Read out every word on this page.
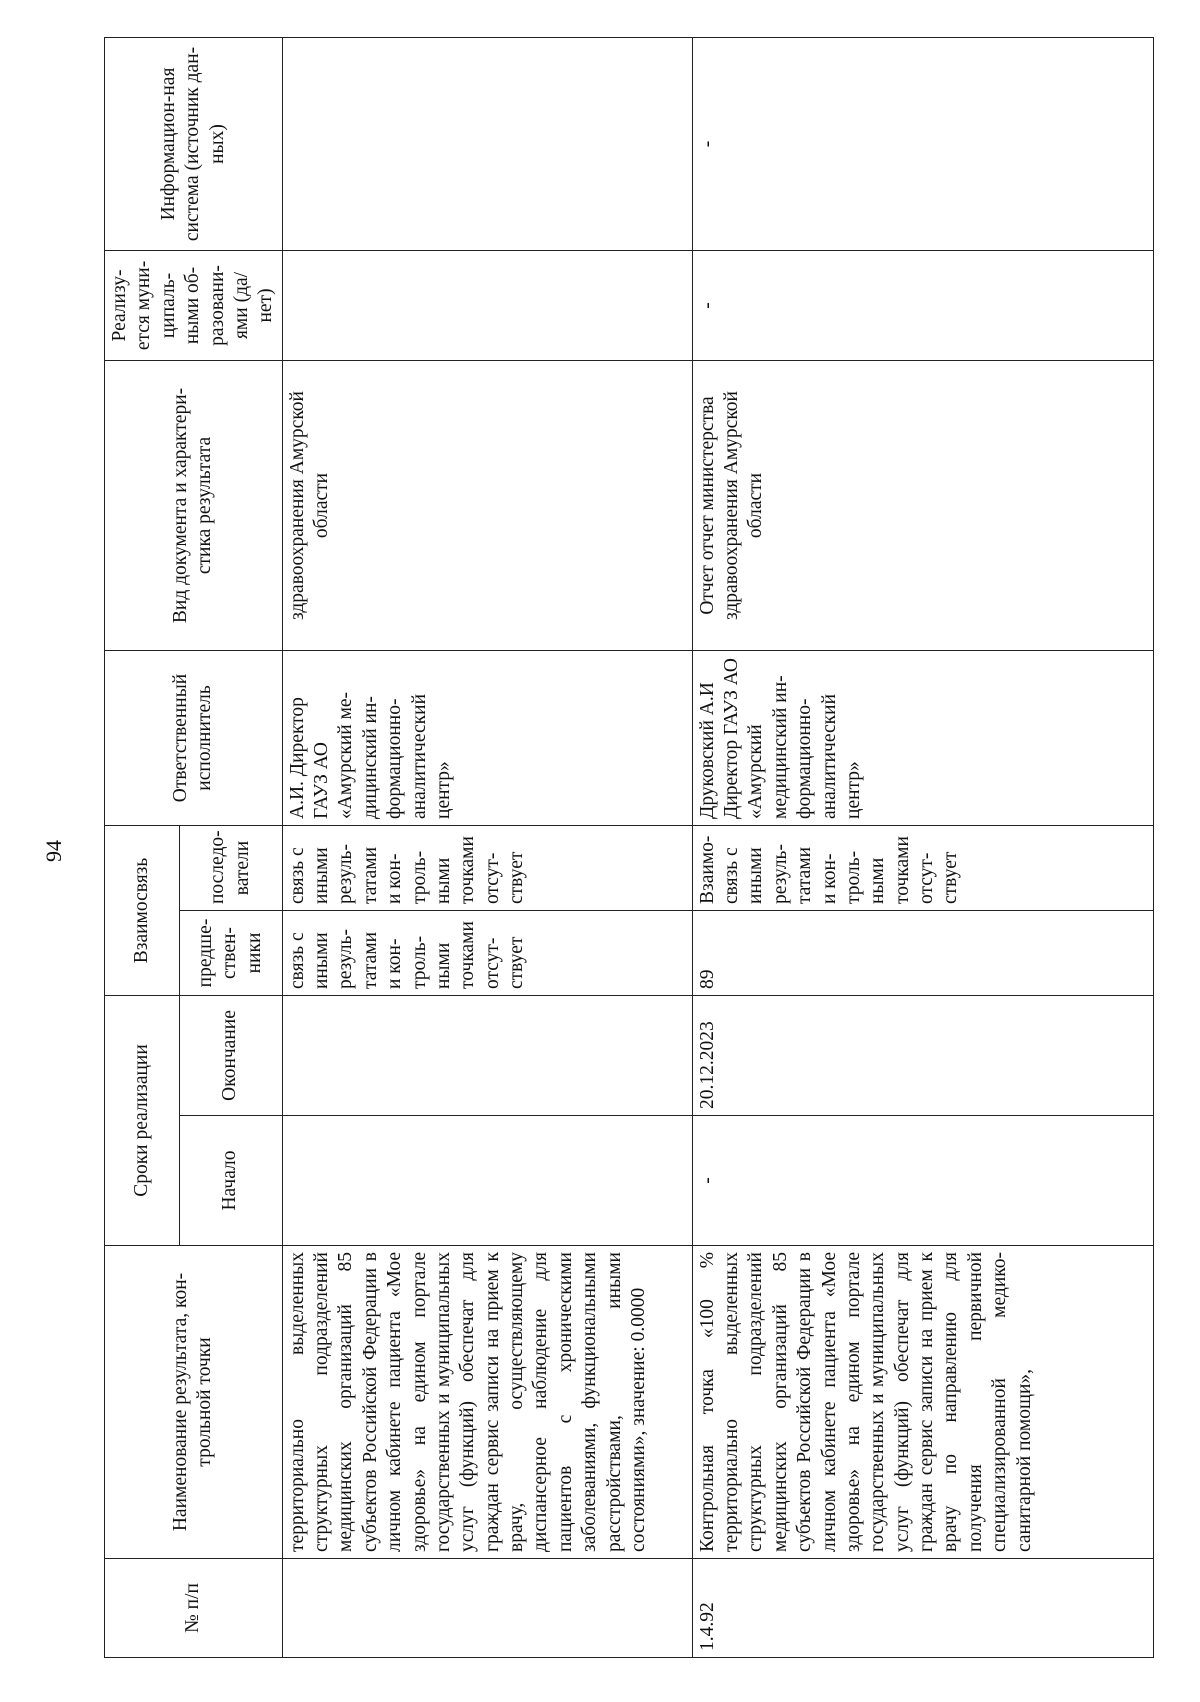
94
№ п/п	Наименование результата, кон-трольной точки	Сроки реализации		Взаимосвязь		Ответственный исполнитель	Вид документа и характери-стика результата	Реализу-ется муни-ципаль-ными об-разовани-ями (да/нет)	Информацион-ная система (источник дан-ных)
		Начало	Окончание	предше-ствен-ники	последо-ватели				
	территориально выделенных структурных подразделений медицинских организаций 85 субъектов Российской Федерации в личном кабинете пациента «Мое здоровье» на едином портале государственных и муниципальных услуг (функций) обеспечат для граждан сервис записи на прием к врачу, осуществляющему диспансерное наблюдение для пациентов с хроническими заболеваниями, функциональными расстройствами, иными состояниями», значение: 0.0000			связь с иными резуль-татами и кон-троль-ными точками отсут-ствует	связь с иными резуль-татами и кон-троль-ными точками отсут-ствует	А.И. Директор ГАУЗ АО «Амурский ме-дицинский ин-формационно-аналитический центр»	здравоохранения Амурской области		
1.4.92	Контрольная точка «100 % территориально выделенных структурных подразделений медицинских организаций 85 субъектов Российской Федерации в личном кабинете пациента «Мое здоровье» на едином портале государственных и муниципальных услуг (функций) обеспечат для граждан сервис записи на прием к врачу по направлению для получения первичной специализированной медико-санитарной помощи»,	-	20.12.2023	89	Взаимо-связь с иными резуль-татами и кон-троль-ными точками отсут-ствует	Друковский А.И Директор ГАУЗ АО «Амурский медицинский ин-формационно-аналитический центр»	Отчет отчет министерства здравоохранения Амурской области	-	-
